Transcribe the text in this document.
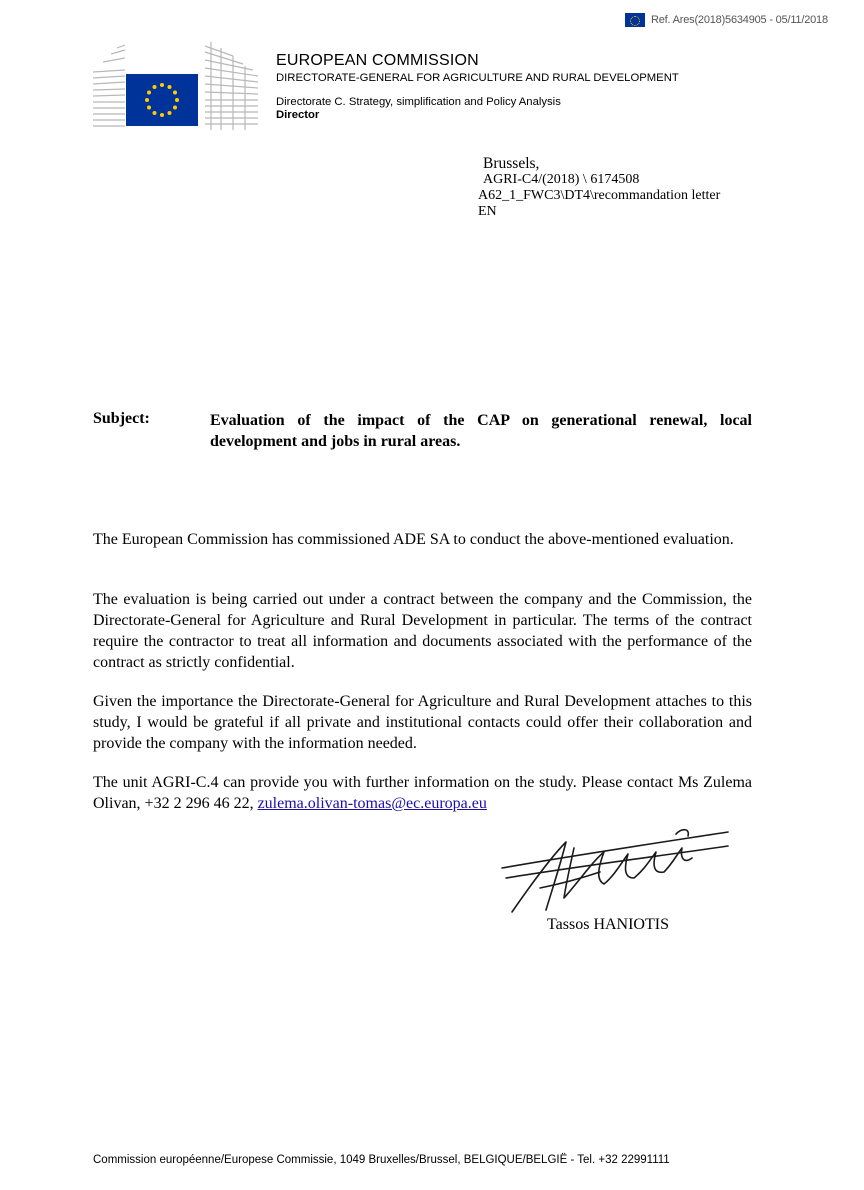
Ref. Ares(2018)5634905 - 05/11/2018
EUROPEAN COMMISSION
DIRECTORATE-GENERAL FOR AGRICULTURE AND RURAL DEVELOPMENT
Directorate C. Strategy, simplification and Policy Analysis
Director
Brussels,
AGRI-C4/(2018) \ 6174508
A62_1_FWC3\DT4\recommandation letter
EN
Subject:	Evaluation of the impact of the CAP on generational renewal, local development and jobs in rural areas.
The European Commission has commissioned ADE SA to conduct the above-mentioned evaluation.
The evaluation is being carried out under a contract between the company and the Commission, the Directorate-General for Agriculture and Rural Development in particular. The terms of the contract require the contractor to treat all information and documents associated with the performance of the contract as strictly confidential.
Given the importance the Directorate-General for Agriculture and Rural Development attaches to this study, I would be grateful if all private and institutional contacts could offer their collaboration and provide the company with the information needed.
The unit AGRI-C.4 can provide you with further information on the study. Please contact Ms Zulema Olivan, +32 2 296 46 22, zulema.olivan-tomas@ec.europa.eu
Tassos HANIOTIS
Commission européenne/Europese Commissie, 1049 Bruxelles/Brussel, BELGIQUE/BELGIË - Tel. +32 22991111
